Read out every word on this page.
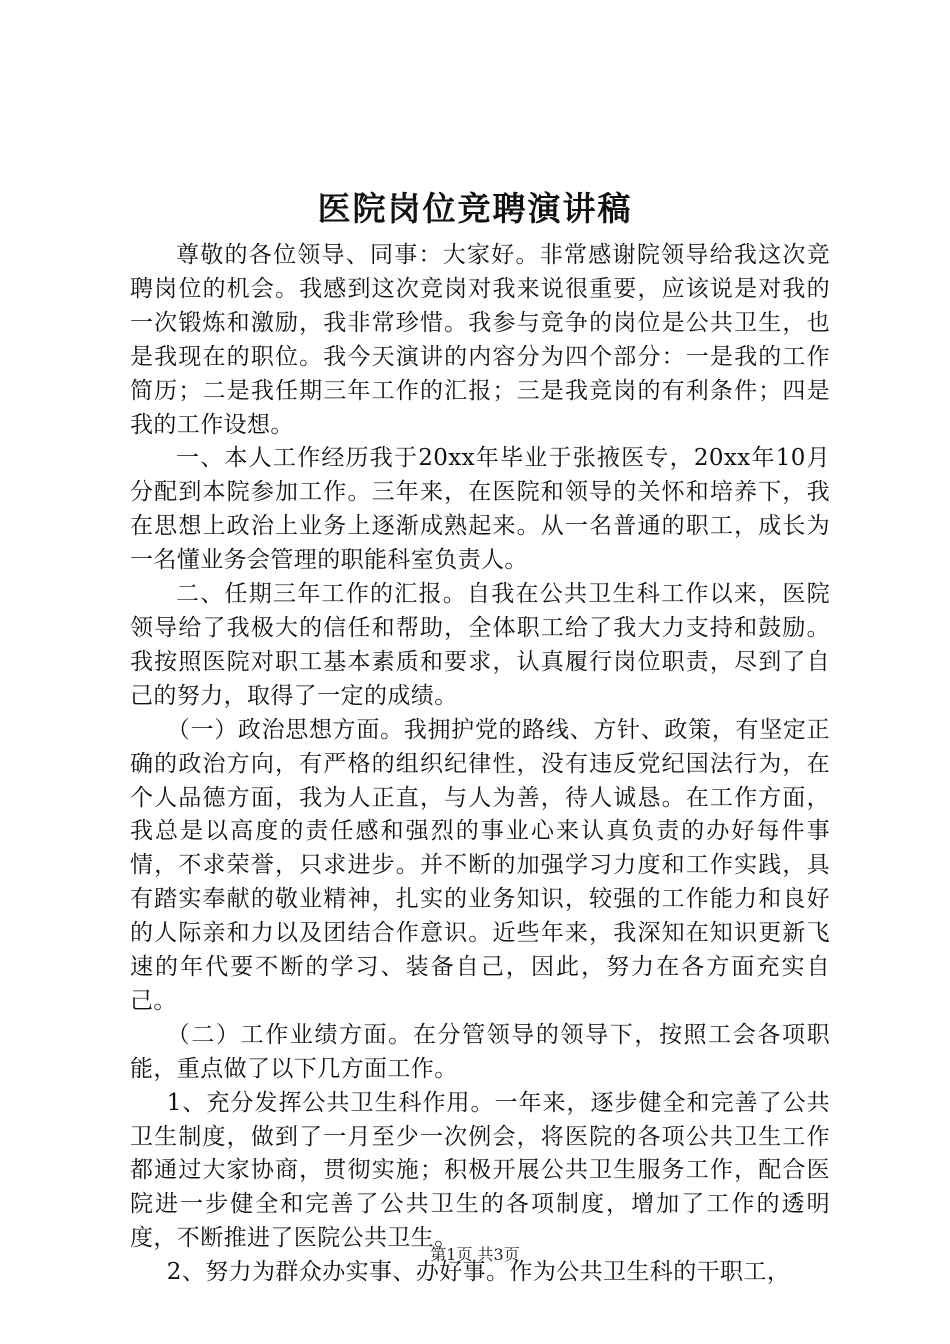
医院岗位竞聘演讲稿

尊敬的各位领导、同事：大家好。非常感谢院领导给我这次竞聘岗位的机会。我感到这次竞岗对我来说很重要，应该说是对我的一次锻炼和激励，我非常珍惜。我参与竞争的岗位是公共卫生，也是我现在的职位。我今天演讲的内容分为四个部分：一是我的工作简历；二是我任期三年工作的汇报；三是我竞岗的有利条件；四是我的工作设想。

一、本人工作经历我于20xx年毕业于张掖医专，20xx年10月分配到本院参加工作。三年来，在医院和领导的关怀和培养下，我在思想上政治上业务上逐渐成熟起来。从一名普通的职工，成长为一名懂业务会管理的职能科室负责人。

二、任期三年工作的汇报。自我在公共卫生科工作以来，医院领导给了我极大的信任和帮助，全体职工给了我大力支持和鼓励。我按照医院对职工基本素质和要求，认真履行岗位职责，尽到了自己的努力，取得了一定的成绩。

（一）政治思想方面。我拥护党的路线、方针、政策，有坚定正确的政治方向，有严格的组织纪律性，没有违反党纪国法行为，在个人品德方面，我为人正直，与人为善，待人诚恳。在工作方面，我总是以高度的责任感和强烈的事业心来认真负责的办好每件事情，不求荣誉，只求进步。并不断的加强学习力度和工作实践，具有踏实奉献的敬业精神，扎实的业务知识，较强的工作能力和良好的人际亲和力以及团结合作意识。近些年来，我深知在知识更新飞速的年代要不断的学习、装备自己，因此，努力在各方面充实自己。

（二）工作业绩方面。在分管领导的领导下，按照工会各项职能，重点做了以下几方面工作。

1、充分发挥公共卫生科作用。一年来，逐步健全和完善了公共卫生制度，做到了一月至少一次例会，将医院的各项公共卫生工作都通过大家协商，贯彻实施；积极开展公共卫生服务工作，配合医院进一步健全和完善了公共卫生的各项制度，增加了工作的透明度，不断推进了医院公共卫生。

2、努力为群众办实事、办好事。作为公共卫生科的干职工，

第1页 共3页
